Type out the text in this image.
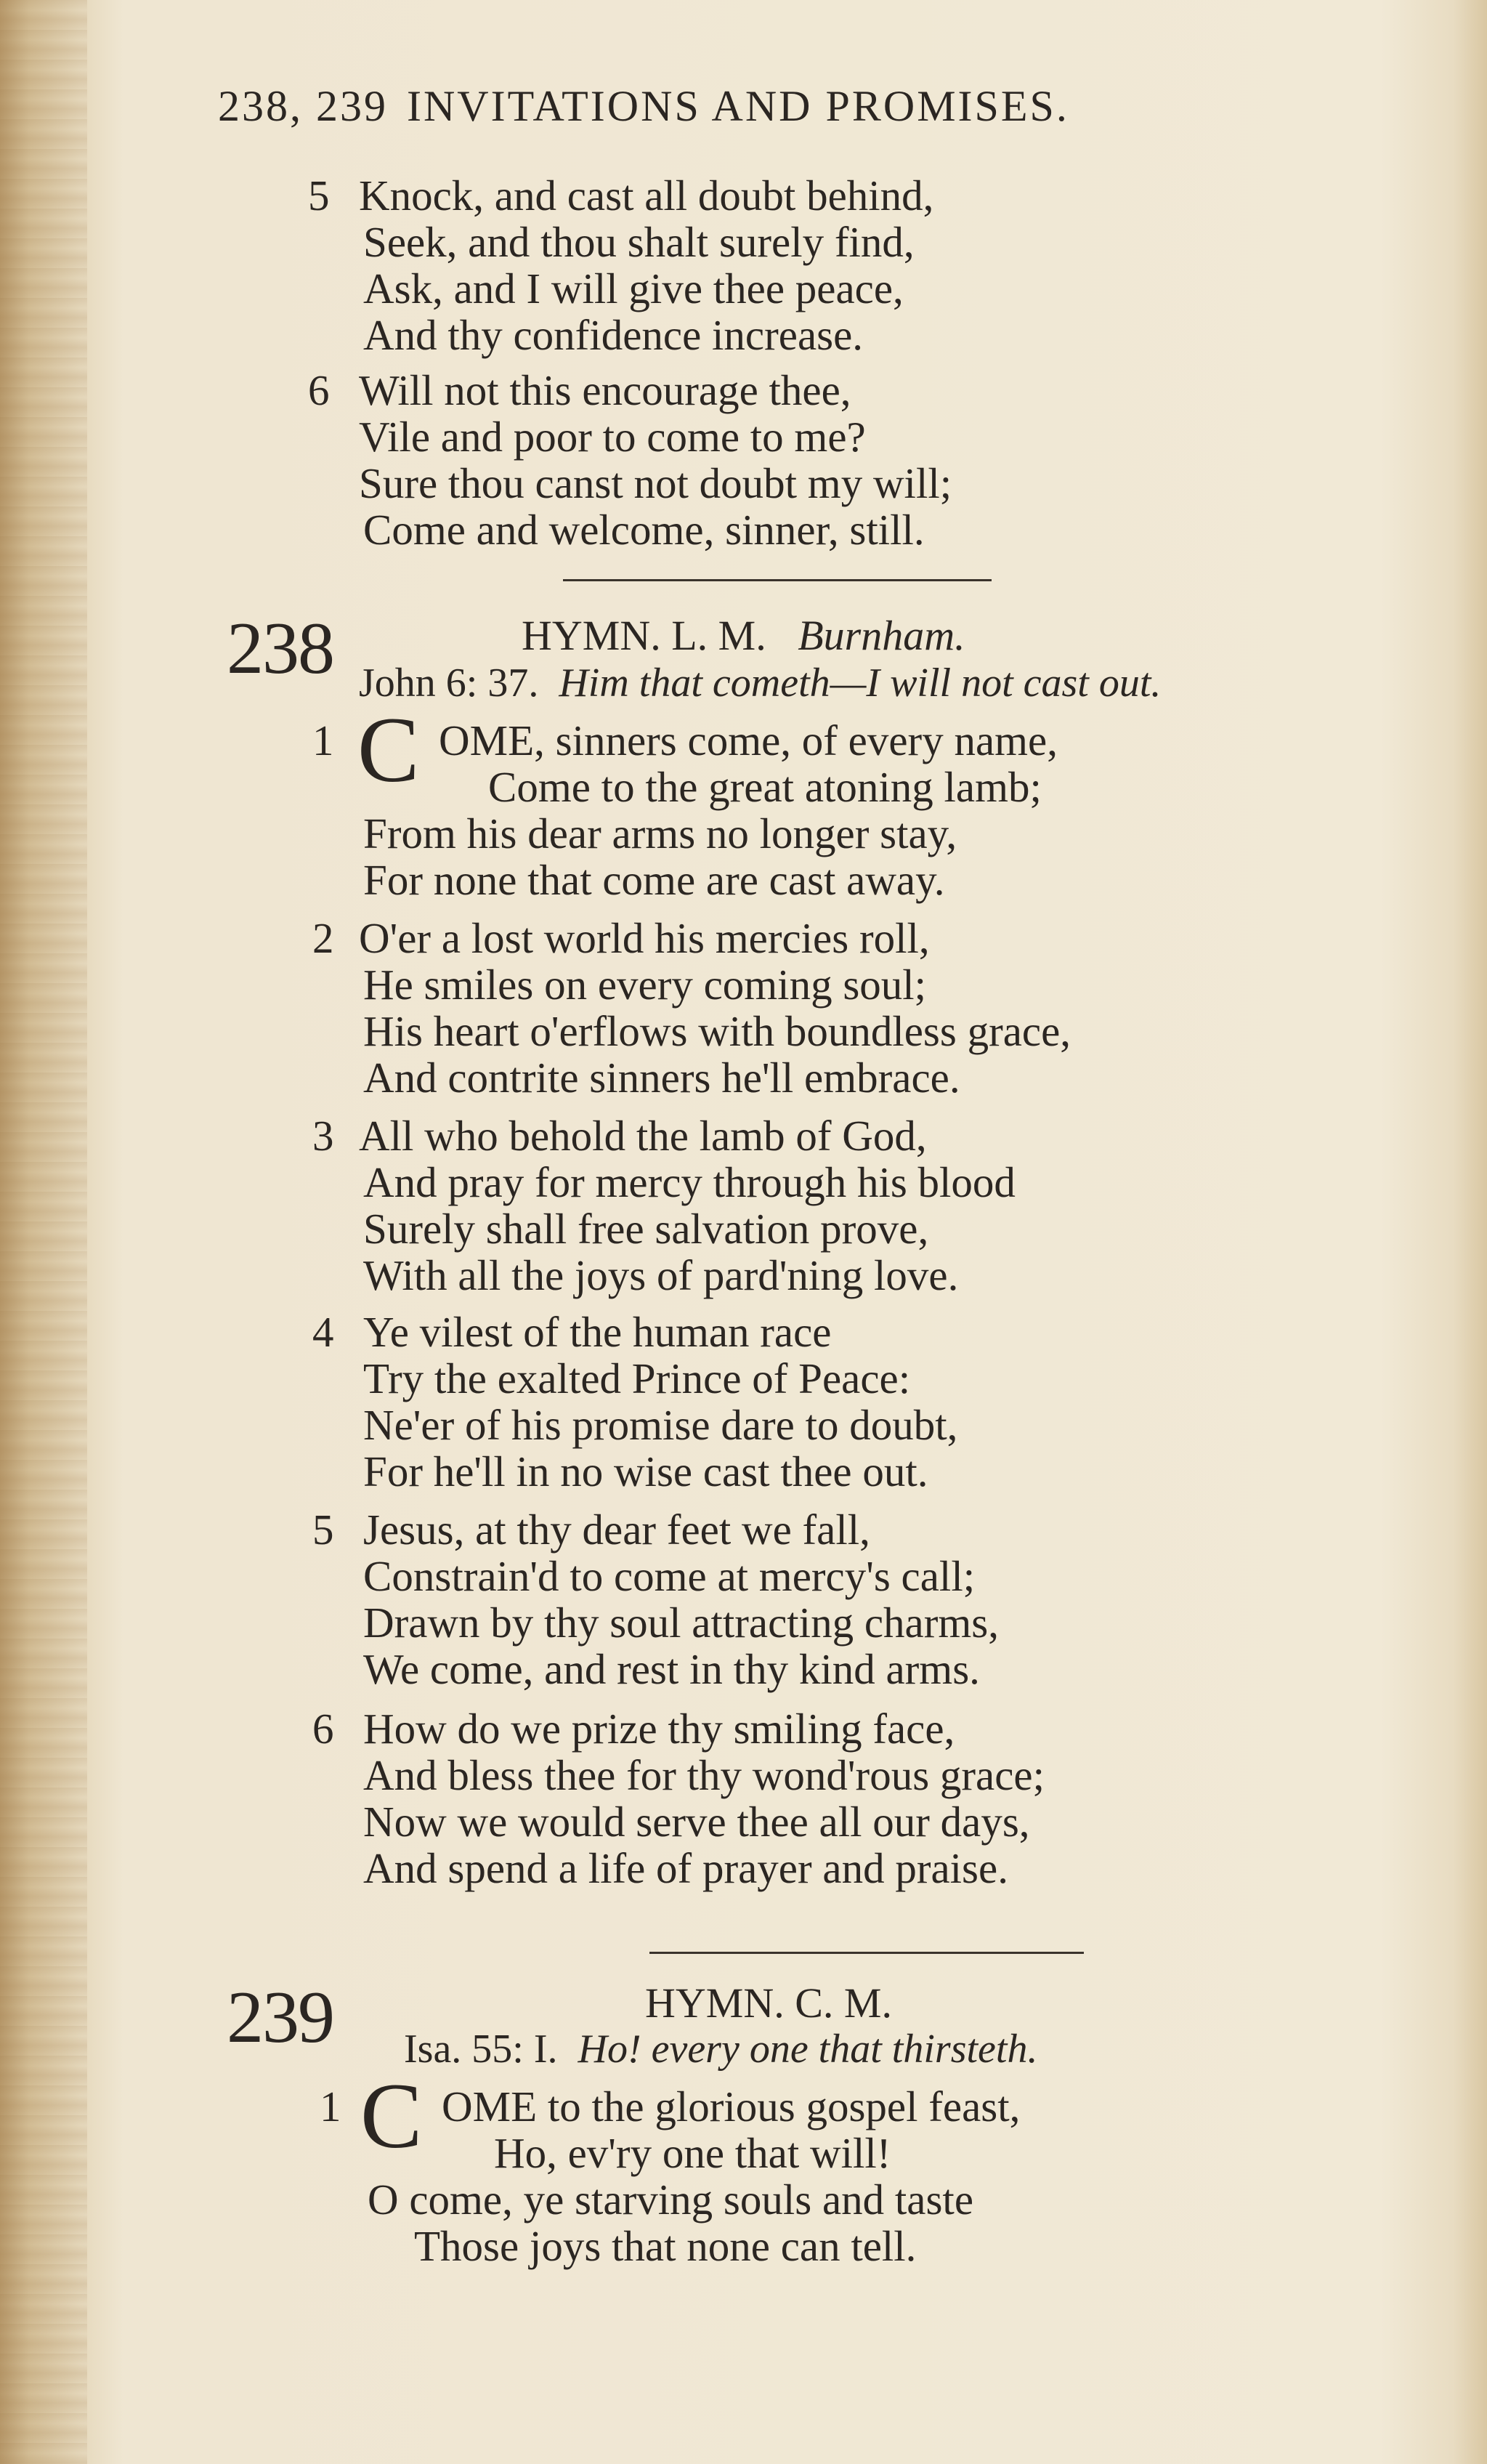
238, 239 INVITATIONS AND PROMISES.
5 Knock, and cast all doubt behind,
Seek, and thou shalt surely find,
Ask, and I will give thee peace,
And thy confidence increase.
6 Will not this encourage thee,
Vile and poor to come to me?
Sure thou canst not doubt my will;
Come and welcome, sinner, still.
238	HYMN. L. M. Burnham.
John 6: 37. Him that cometh—I will not cast out.
1 C OME, sinners come, of every name,
Come to the great atoning lamb;
From his dear arms no longer stay,
For none that come are cast away.
2 O'er a lost world his mercies roll,
He smiles on every coming soul;
His heart o'erflows with boundless grace,
And contrite sinners he'll embrace.
3 All who behold the lamb of God,
And pray for mercy through his blood
Surely shall free salvation prove,
With all the joys of pard'ning love.
4 Ye vilest of the human race
Try the exalted Prince of Peace:
Ne'er of his promise dare to doubt,
For he'll in no wise cast thee out.
5 Jesus, at thy dear feet we fall,
Constrain'd to come at mercy's call;
Drawn by thy soul attracting charms,
We come, and rest in thy kind arms.
6 How do we prize thy smiling face,
And bless thee for thy wond'rous grace;
Now we would serve thee all our days,
And spend a life of prayer and praise.
239	HYMN. C. M.
Isa. 55: I. Ho! every one that thirsteth.
1 C OME to the glorious gospel feast,
Ho, ev'ry one that will!
O come, ye starving souls and taste
Those joys that none can tell.
